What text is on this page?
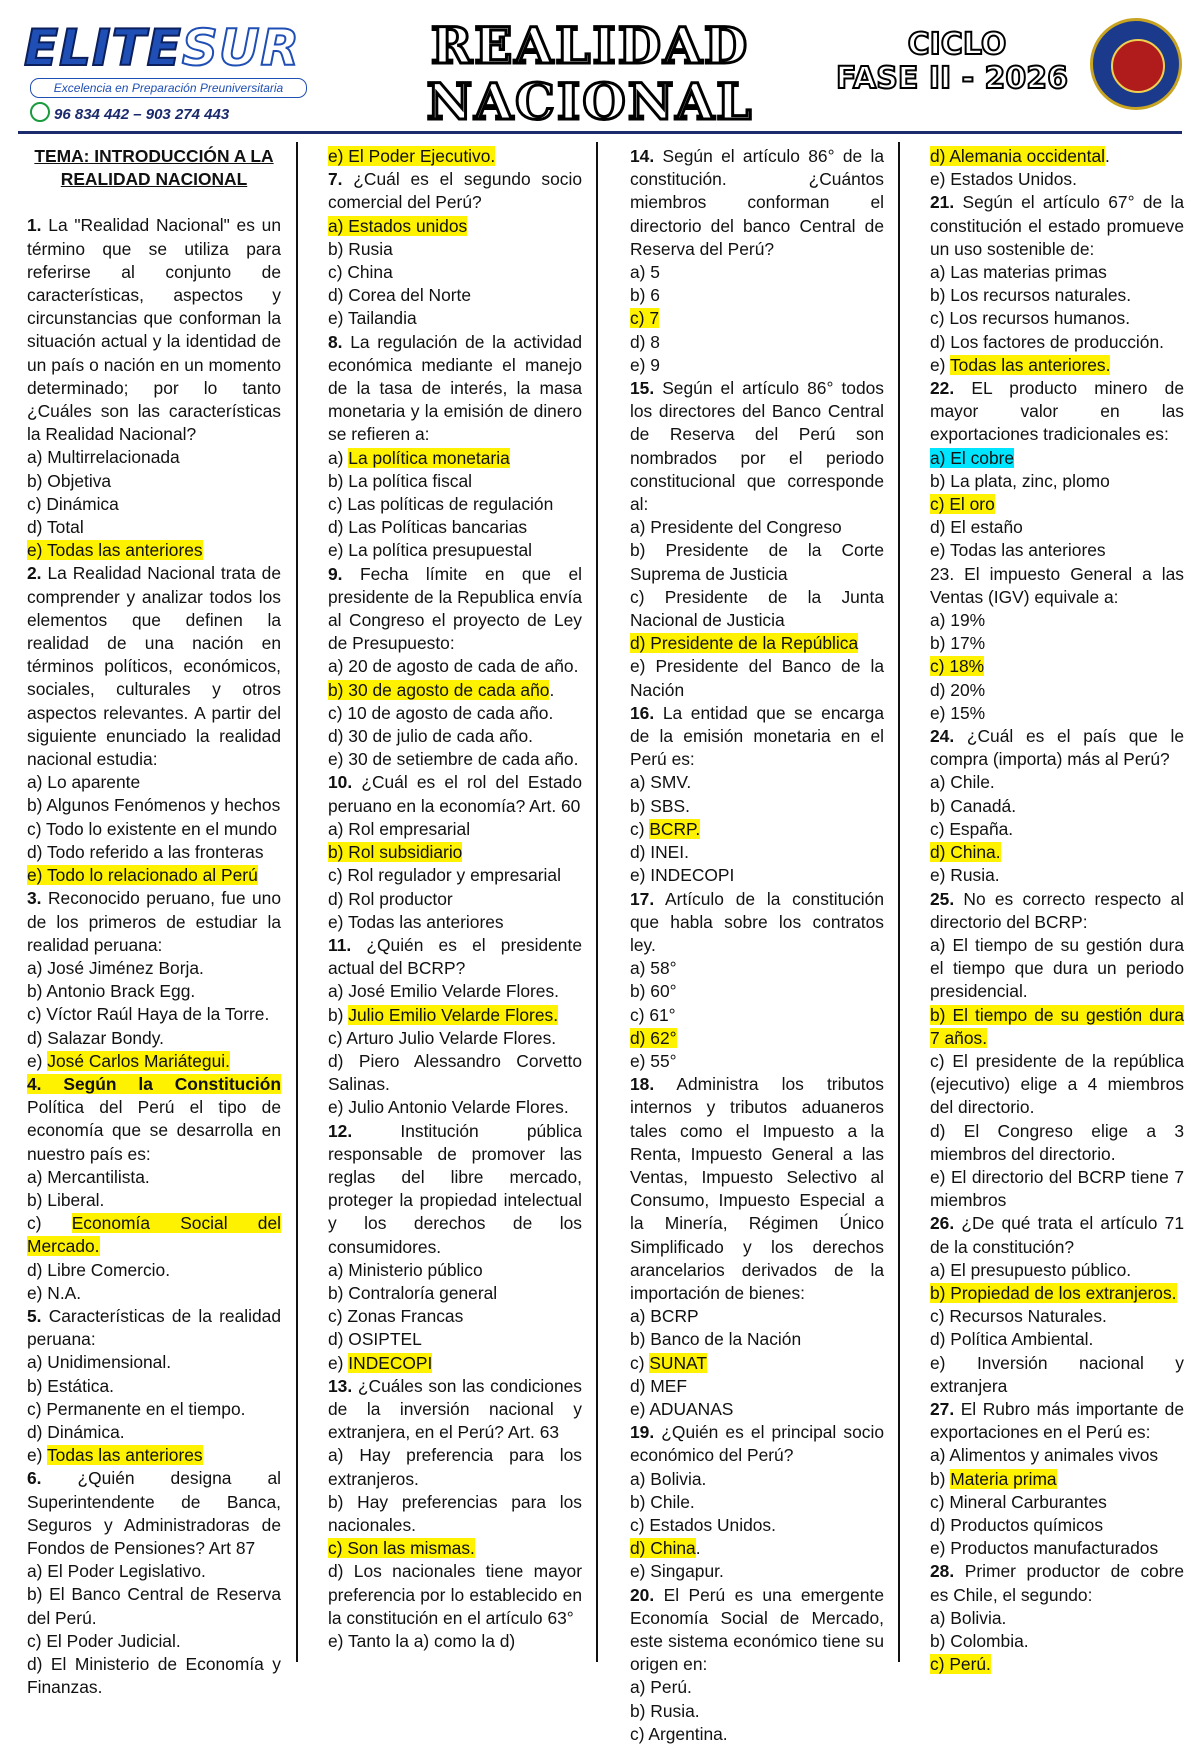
ELITESUR
Excelencia en Preparación Preuniversitaria
96 834 442 – 903 274 443
REALIDAD
NACIONAL
CICLO
FASE II - 2026

TEMA: INTRODUCCIÓN A LA REALIDAD NACIONAL

1. La "Realidad Nacional" es un término que se utiliza para referirse al conjunto de características, aspectos y circunstancias que conforman la situación actual y la identidad de un país o nación en un momento determinado; por lo tanto ¿Cuáles son las características la Realidad Nacional?

a) Multirrelacionada

b) Objetiva

c) Dinámica

d) Total

e) Todas las anteriores

2. La Realidad Nacional trata de comprender y analizar todos los elementos que definen la realidad de una nación en términos políticos, económicos, sociales, culturales y otros aspectos relevantes. A partir del siguiente enunciado la realidad nacional estudia:

a) Lo aparente

b) Algunos Fenómenos y hechos

c) Todo lo existente en el mundo

d) Todo referido a las fronteras

e) Todo lo relacionado al Perú

3. Reconocido peruano, fue uno de los primeros de estudiar la realidad peruana:

a) José Jiménez Borja.

b) Antonio Brack Egg.

c) Víctor Raúl Haya de la Torre.

d) Salazar Bondy.

e) José Carlos Mariátegui.

4. Según la Constitución Política del Perú el tipo de economía que se desarrolla en nuestro país es:

a) Mercantilista.

b) Liberal.

c) Economía Social del Mercado.

d) Libre Comercio.

e) N.A.

5. Características de la realidad peruana:

a) Unidimensional.

b) Estática.

c) Permanente en el tiempo.

d) Dinámica.

e) Todas las anteriores

6. ¿Quién designa al Superintendente de Banca, Seguros y Administradoras de Fondos de Pensiones? Art 87

a) El Poder Legislativo.

b) El Banco Central de Reserva del Perú.

c) El Poder Judicial.

d) El Ministerio de Economía y Finanzas.

e) El Poder Ejecutivo.

7. ¿Cuál es el segundo socio comercial del Perú?

a) Estados unidos

b) Rusia

c) China

d) Corea del Norte

e) Tailandia

8. La regulación de la actividad económica mediante el manejo de la tasa de interés, la masa monetaria y la emisión de dinero se refieren a:

a) La política monetaria

b) La política fiscal

c) Las políticas de regulación

d) Las Políticas bancarias

e) La política presupuestal

9. Fecha límite en que el presidente de la Republica envía al Congreso el proyecto de Ley de Presupuesto:

a) 20 de agosto de cada de año.

b) 30 de agosto de cada año.

c) 10 de agosto de cada año.

d) 30 de julio de cada año.

e) 30 de setiembre de cada año.

10. ¿Cuál es el rol del Estado peruano en la economía? Art. 60

a) Rol empresarial

b) Rol subsidiario

c) Rol regulador y empresarial

d) Rol productor

e) Todas las anteriores

11. ¿Quién es el presidente actual del BCRP?

a) José Emilio Velarde Flores.

b) Julio Emilio Velarde Flores.

c) Arturo Julio Velarde Flores.

d) Piero Alessandro Corvetto Salinas.

e) Julio Antonio Velarde Flores.

12. Institución pública responsable de promover las reglas del libre mercado, proteger la propiedad intelectual y los derechos de los consumidores.

a) Ministerio público

b) Contraloría general

c) Zonas Francas

d) OSIPTEL

e) INDECOPI

13. ¿Cuáles son las condiciones de la inversión nacional y extranjera, en el Perú? Art. 63

a) Hay preferencia para los extranjeros.

b) Hay preferencias para los nacionales.

c) Son las mismas.

d) Los nacionales tiene mayor preferencia por lo establecido en la constitución en el artículo 63°

e) Tanto la a) como la d)

14. Según el artículo 86° de la constitución. ¿Cuántos miembros conforman el directorio del banco Central de Reserva del Perú?

a) 5

b) 6

c) 7

d) 8

e) 9

15. Según el artículo 86° todos los directores del Banco Central de Reserva del Perú son nombrados por el periodo constitucional que corresponde al:

a) Presidente del Congreso

b) Presidente de la Corte Suprema de Justicia

c) Presidente de la Junta Nacional de Justicia

d) Presidente de la República

e) Presidente del Banco de la Nación

16. La entidad que se encarga de la emisión monetaria en el Perú es:

a) SMV.

b) SBS.

c) BCRP.

d) INEI.

e) INDECOPI

17. Artículo de la constitución que habla sobre los contratos ley.

a) 58°

b) 60°

c) 61°

d) 62°

e) 55°

18. Administra los tributos internos y tributos aduaneros tales como el Impuesto a la Renta, Impuesto General a las Ventas, Impuesto Selectivo al Consumo, Impuesto Especial a la Minería, Régimen Único Simplificado y los derechos arancelarios derivados de la importación de bienes:

a) BCRP

b) Banco de la Nación

c) SUNAT

d) MEF

e) ADUANAS

19. ¿Quién es el principal socio económico del Perú?

a) Bolivia.

b) Chile.

c) Estados Unidos.

d) China.

e) Singapur.

20. El Perú es una emergente Economía Social de Mercado, este sistema económico tiene su origen en:

a) Perú.

b) Rusia.

c) Argentina.

d) Alemania occidental.

e) Estados Unidos.

21. Según el artículo 67° de la constitución el estado promueve un uso sostenible de:

a) Las materias primas

b) Los recursos naturales.

c) Los recursos humanos.

d) Los factores de producción.

e) Todas las anteriores.

22. EL producto minero de mayor valor en las exportaciones tradicionales es:

a) El cobre

b) La plata, zinc, plomo

c) El oro

d) El estaño

e) Todas las anteriores

23. El impuesto General a las Ventas (IGV) equivale a:

a) 19%

b) 17%

c) 18%

d) 20%

e) 15%

24. ¿Cuál es el país que le compra (importa) más al Perú?

a) Chile.

b) Canadá.

c) España.

d) China.

e) Rusia.

25. No es correcto respecto al directorio del BCRP:

a) El tiempo de su gestión dura el tiempo que dura un periodo presidencial.

b) El tiempo de su gestión dura 7 años.

c) El presidente de la república (ejecutivo) elige a 4 miembros del directorio.

d) El Congreso elige a 3 miembros del directorio.

e) El directorio del BCRP tiene 7 miembros

26. ¿De qué trata el artículo 71 de la constitución?

a) El presupuesto público.

b) Propiedad de los extranjeros.

c) Recursos Naturales.

d) Política Ambiental.

e) Inversión nacional y extranjera

27. El Rubro más importante de exportaciones en el Perú es:

a) Alimentos y animales vivos

b) Materia prima

c) Mineral Carburantes

d) Productos químicos

e) Productos manufacturados

28. Primer productor de cobre es Chile, el segundo:

a) Bolivia.

b) Colombia.

c) Perú.
